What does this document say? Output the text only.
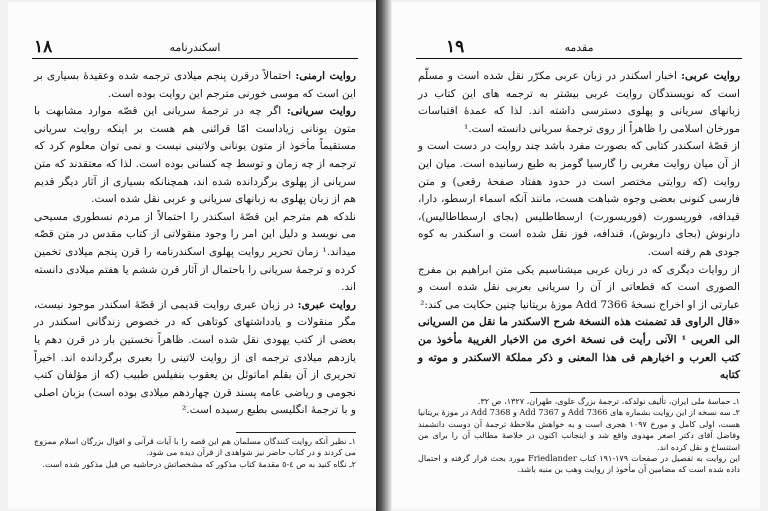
١٨	اسکندرنامه

روایت ارمنی: احتمالاً درقرن پنجم میلادی ترجمه شده وعقیدهٔ بسیاری بر این است که موسی خورنی مترجم این روایت بوده است.

روایت سریانی: اگر چه در ترجمهٔ سریانی این قصّه موارد مشابهت با متون یونانی زیاداست امّا قرائنی هم هست بر اینکه روایت سریانی مستقیماً مأخوذ از متون یونانی ولاتینی نیست و نمی توان معلوم کرد که ترجمه از چه زمان و توسط چه کسانی بوده است. لذا که معتقدند که متن سریانی از پهلوی برگردانده شده اند، همچنانکه بسیاری از آثار دیگر قدیم هم از زبان پهلوی به زبانهای سریانی و عربی نقل شده است.

نلدکه هم مترجم این قصّهٔ اسکندر را احتمالاً از مردم نسطوری مسیحی می نویسد و دلیل این امر را وجود منقولاتی از کتاب مقدس در متن قصّه میداند.¹ زمان تحریر روایت پهلوی اسکندرنامه را قرن پنجم میلادی تخمین کرده و ترجمهٔ سریانی را باحتمال از آثار قرن ششم یا هفتم میلادی دانسته اند.

روایت عبری: در زبان عبری روایت قدیمی از قصّهٔ اسکندر موجود نیست، مگر منقولات و یادداشتهای کوتاهی که در خصوص زندگانی اسکندر در بعضی از کتب یهودی نقل شده است. ظاهراً نخستین بار در قرن دهم یا یازدهم میلادی ترجمه ای از روایت لاتینی را بعبری برگردانده اند. اخیراً تحریری از آن بقلم اماتوئل بن یعقوب بنفیلس طبیب (که از مؤلفان کتب نجومی و ریاضی عامه پسند قرن چهاردهم میلادی بوده است) بزبان اصلی و با ترجمهٔ انگلیسی بطبع رسیده است.²

١ـ نظیر آنکه روایت کنندگان مسلمان هم این قصه را با آیات قرآنی و اقوال بزرگان اسلام ممزوج می کردند و در کتاب حاضر نیز شواهدی از قرآن دیده می شود.

٢ـ نگاه کنید به ص ٤-٥ مقدمهٔ کتاب مذکور که مشخصاتش درحاشیه ص قبل مذکور شده است.

١٩	مقدمه

روایت عربی: اخبار اسکندر در زبان عربی مکرّر نقل شده است و مسلّم است که نویسندگان روایت عربی بیشتر به ترجمه های این کتاب در زبانهای سریانی و پهلوی دسترسی داشته اند. لذا که عمدهٔ اقتباسات مورخان اسلامی را ظاهراً از روی ترجمهٔ سریانی دانسته است.¹

از قصّهٔ اسکندر کتابی که بصورت مفرد باشد چند روایت در دست است و از آن میان روایت مغربی را گارسیا گومز به طبع رسانیده است. میان این روایت (که روایتی مختصر است در حدود هفتاد صفحهٔ رقعی) و متن فارسی کنونی بعضی وجوه شباهت هست، مانند آنکه اسماء ارسطو، دارا، قیدافه، فورپسورت (فوریسورت) ارسطاطلیس (بجای ارسطاطالیس)، دارنوش (بجای داریوش)، قندافه، فوز نقل شده است و اسکندر به کوه جودی هم رفته است.

از روایات دیگری که در زبان عربی میشناسیم یکی متن ابراهیم بن مفرج الصوری است که قطعاتی از آن را سریانی بعربی نقل شده است و عبارتی از او اخراج نسخهٔ Add 7366 موزهٔ بریتانیا چنین حکایت می کند:²

«قال الراوی قد تضمنت هذه النسخة شرح الاسکندر ما نقل من السریانی الی العربی ¹ الآنی رأیت فی نسخة اخری من الاخبار الغریبة مأخوذ من کتب العرب و اخبارهم فی هذا المعنی و ذکر مملکة الاسکندر و موته و کتابه

١ـ حماسهٔ ملی ایران، تألیف نولدکه، ترجمهٔ بزرگ علوی، طهران، ۱۳۲۷، ص ۳۲.

٢ـ سه نسخه از این روایت بشماره های Add 7366 و Add 7367 و Add 7368 در موزهٔ بریتانیا هست، اولی کامل و مورخ ۱۰۹۷ هجری است و به خواهش ملاحظهٔ ترجمهٔ آن دوست دانشمند وفاضل آقای دکتر اصغر مهدوی واقع شد و اینجانب اکنون در خلاصهٔ مطالب آن را برای من استنساخ و نقل کرده اند.

این روایت به تفصیل در صفحات ۱۷۹-۱۹۱ کتاب Friedlander مورد بحث قرار گرفته و احتمال داده شده است که مضامین آن مأخوذ از روایت وهب بن منبه باشد.
